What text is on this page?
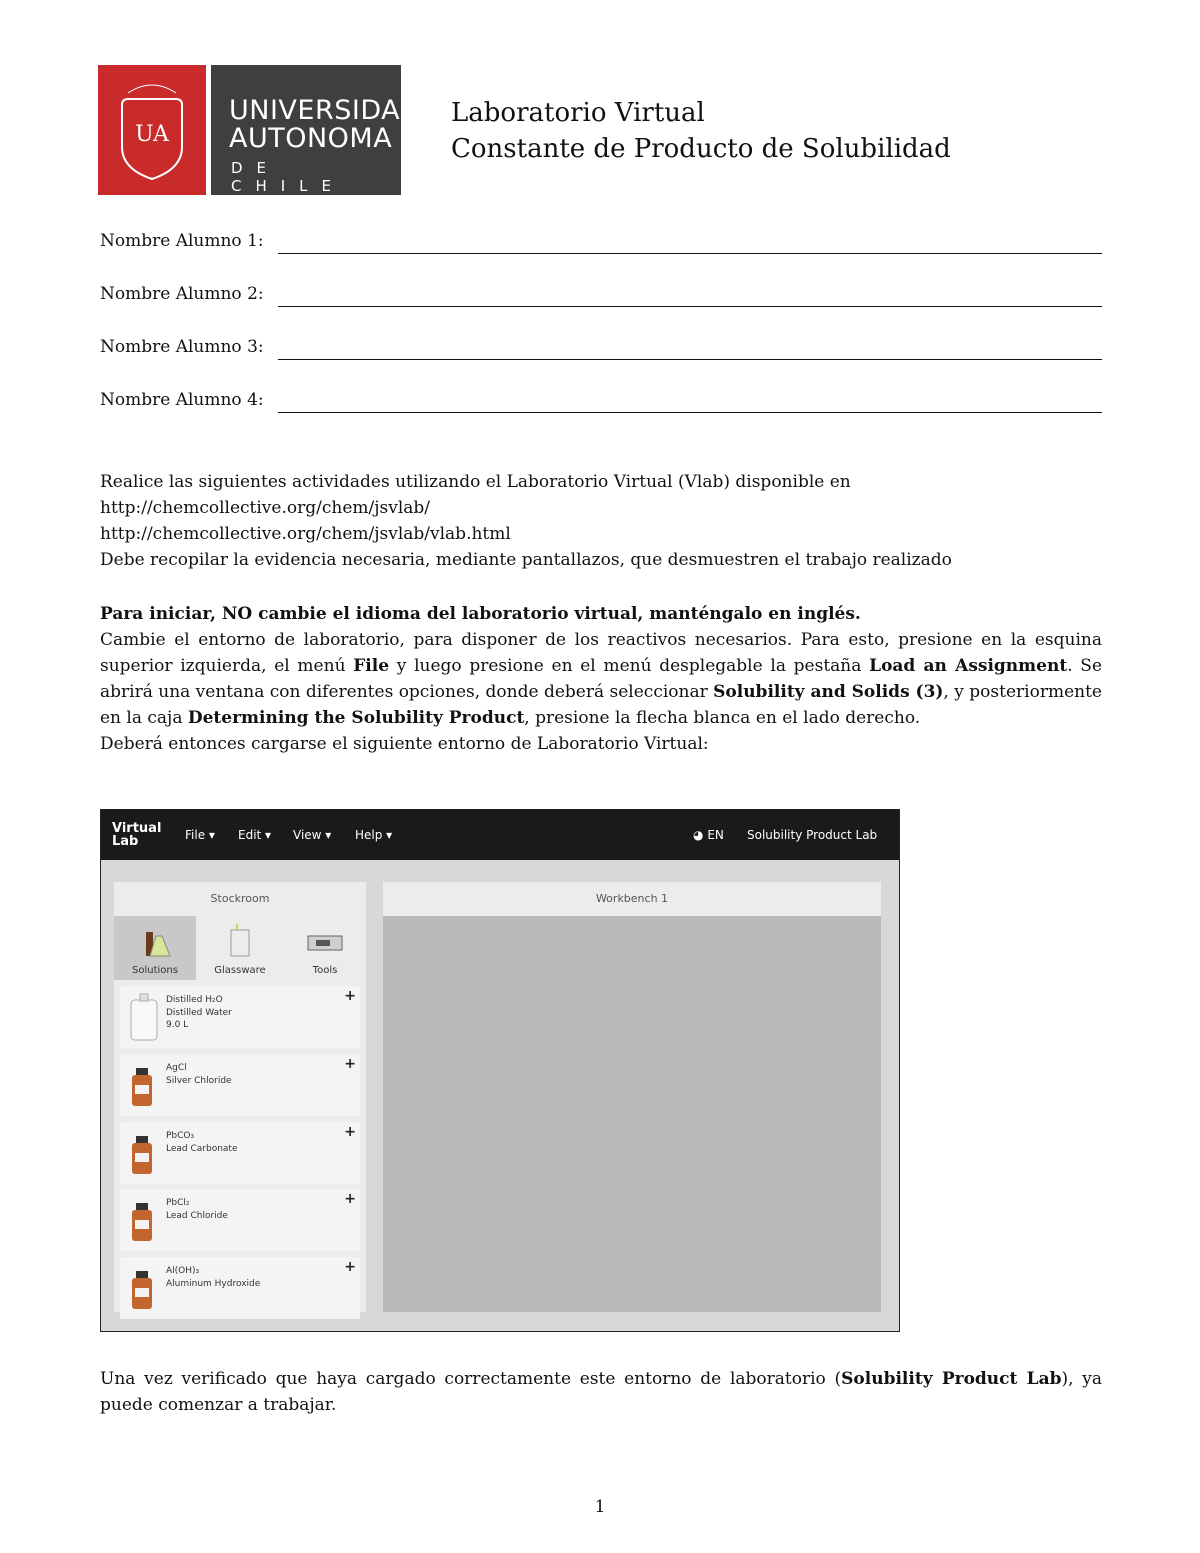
UA
UNIVERSIDAD
AUTONOMA
DE CHILE
Laboratorio Virtual
Constante de Producto de Solubilidad
Nombre Alumno 1:
Nombre Alumno 2:
Nombre Alumno 3:
Nombre Alumno 4:

Realice las siguientes actividades utilizando el Laboratorio Virtual (Vlab) disponible en

http://chemcollective.org/chem/jsvlab/

http://chemcollective.org/chem/jsvlab/vlab.html

Debe recopilar la evidencia necesaria, mediante pantallazos, que desmuestren el trabajo realizado

Para iniciar, NO cambie el idioma del laboratorio virtual, manténgalo en inglés.

Cambie el entorno de laboratorio, para disponer de los reactivos necesarios. Para esto, presione en la esquina superior izquierda, el menú File y luego presione en el menú desplegable la pestaña Load an Assignment. Se abrirá una ventana con diferentes opciones, donde deberá seleccionar Solubility and Solids (3), y posteriormente en la caja Determining the Solubility Product, presione la flecha blanca en el lado derecho.

Deberá entonces cargarse el siguiente entorno de Laboratorio Virtual:

Virtual
Lab	File ▾ Edit ▾ View ▾ Help ▾	◕ EN Solubility Product Lab
Stockroom
Solutions	Glassware	Tools
Distilled H₂O
Distilled Water
9.0 L
+
AgCl
Silver Chloride
+
PbCO₃
Lead Carbonate
+
PbCl₂
Lead Chloride
+
Al(OH)₃
Aluminum Hydroxide
+
Workbench 1

Una vez verificado que haya cargado correctamente este entorno de laboratorio (Solubility Product Lab), ya puede comenzar a trabajar.

1
